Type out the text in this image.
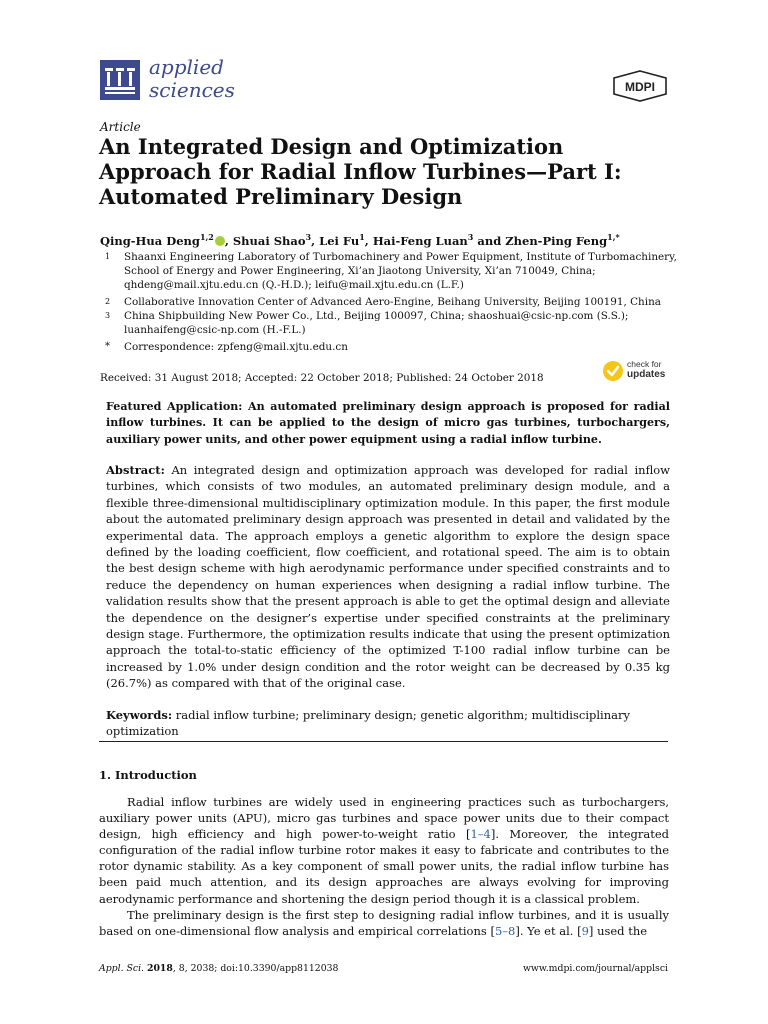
applied
sciences	MDPI
Article
An Integrated Design and Optimization Approach for Radial Inflow Turbines—Part I: Automated Preliminary Design
Qing-Hua Deng$^{1,2}$ , Shuai Shao$^3$, Lei Fu$^1$, Hai-Feng Luan$^3$ and Zhen-Ping Feng$^{1,*}$
1	Shaanxi Engineering Laboratory of Turbomachinery and Power Equipment, Institute of Turbomachinery, School of Energy and Power Engineering, Xi’an Jiaotong University, Xi’an 710049, China; qhdeng@mail.xjtu.edu.cn (Q.-H.D.); leifu@mail.xjtu.edu.cn (L.F.)
2	Collaborative Innovation Center of Advanced Aero-Engine, Beihang University, Beijing 100191, China
3	China Shipbuilding New Power Co., Ltd., Beijing 100097, China; shaoshuai@csic-np.com (S.S.); luanhaifeng@csic-np.com (H.-F.L.)
*	Correspondence: zpfeng@mail.xjtu.edu.cn
Received: 31 August 2018; Accepted: 22 October 2018; Published: 24 October 2018
check for
updates
Featured Application: An automated preliminary design approach is proposed for radial inflow turbines. It can be applied to the design of micro gas turbines, turbochargers, auxiliary power units, and other power equipment using a radial inflow turbine.
Abstract: An integrated design and optimization approach was developed for radial inflow turbines, which consists of two modules, an automated preliminary design module, and a flexible three-dimensional multidisciplinary optimization module. In this paper, the first module about the automated preliminary design approach was presented in detail and validated by the experimental data. The approach employs a genetic algorithm to explore the design space defined by the loading coefficient, flow coefficient, and rotational speed. The aim is to obtain the best design scheme with high aerodynamic performance under specified constraints and to reduce the dependency on human experiences when designing a radial inflow turbine. The validation results show that the present approach is able to get the optimal design and alleviate the dependence on the designer’s expertise under specified constraints at the preliminary design stage. Furthermore, the optimization results indicate that using the present optimization approach the total-to-static efficiency of the optimized T-100 radial inflow turbine can be increased by 1.0% under design condition and the rotor weight can be decreased by 0.35 kg (26.7%) as compared with that of the original case.
Keywords: radial inflow turbine; preliminary design; genetic algorithm; multidisciplinary optimization
1. Introduction
Radial inflow turbines are widely used in engineering practices such as turbochargers, auxiliary power units (APU), micro gas turbines and space power units due to their compact design, high efficiency and high power-to-weight ratio [1–4]. Moreover, the integrated configuration of the radial inflow turbine rotor makes it easy to fabricate and contributes to the rotor dynamic stability. As a key component of small power units, the radial inflow turbine has been paid much attention, and its design approaches are always evolving for improving aerodynamic performance and shortening the design period though it is a classical problem.
The preliminary design is the first step to designing radial inflow turbines, and it is usually based on one-dimensional flow analysis and empirical correlations [5–8]. Ye et al. [9] used the
Appl. Sci. 2018, 8, 2038; doi:10.3390/app8112038	www.mdpi.com/journal/applsci
